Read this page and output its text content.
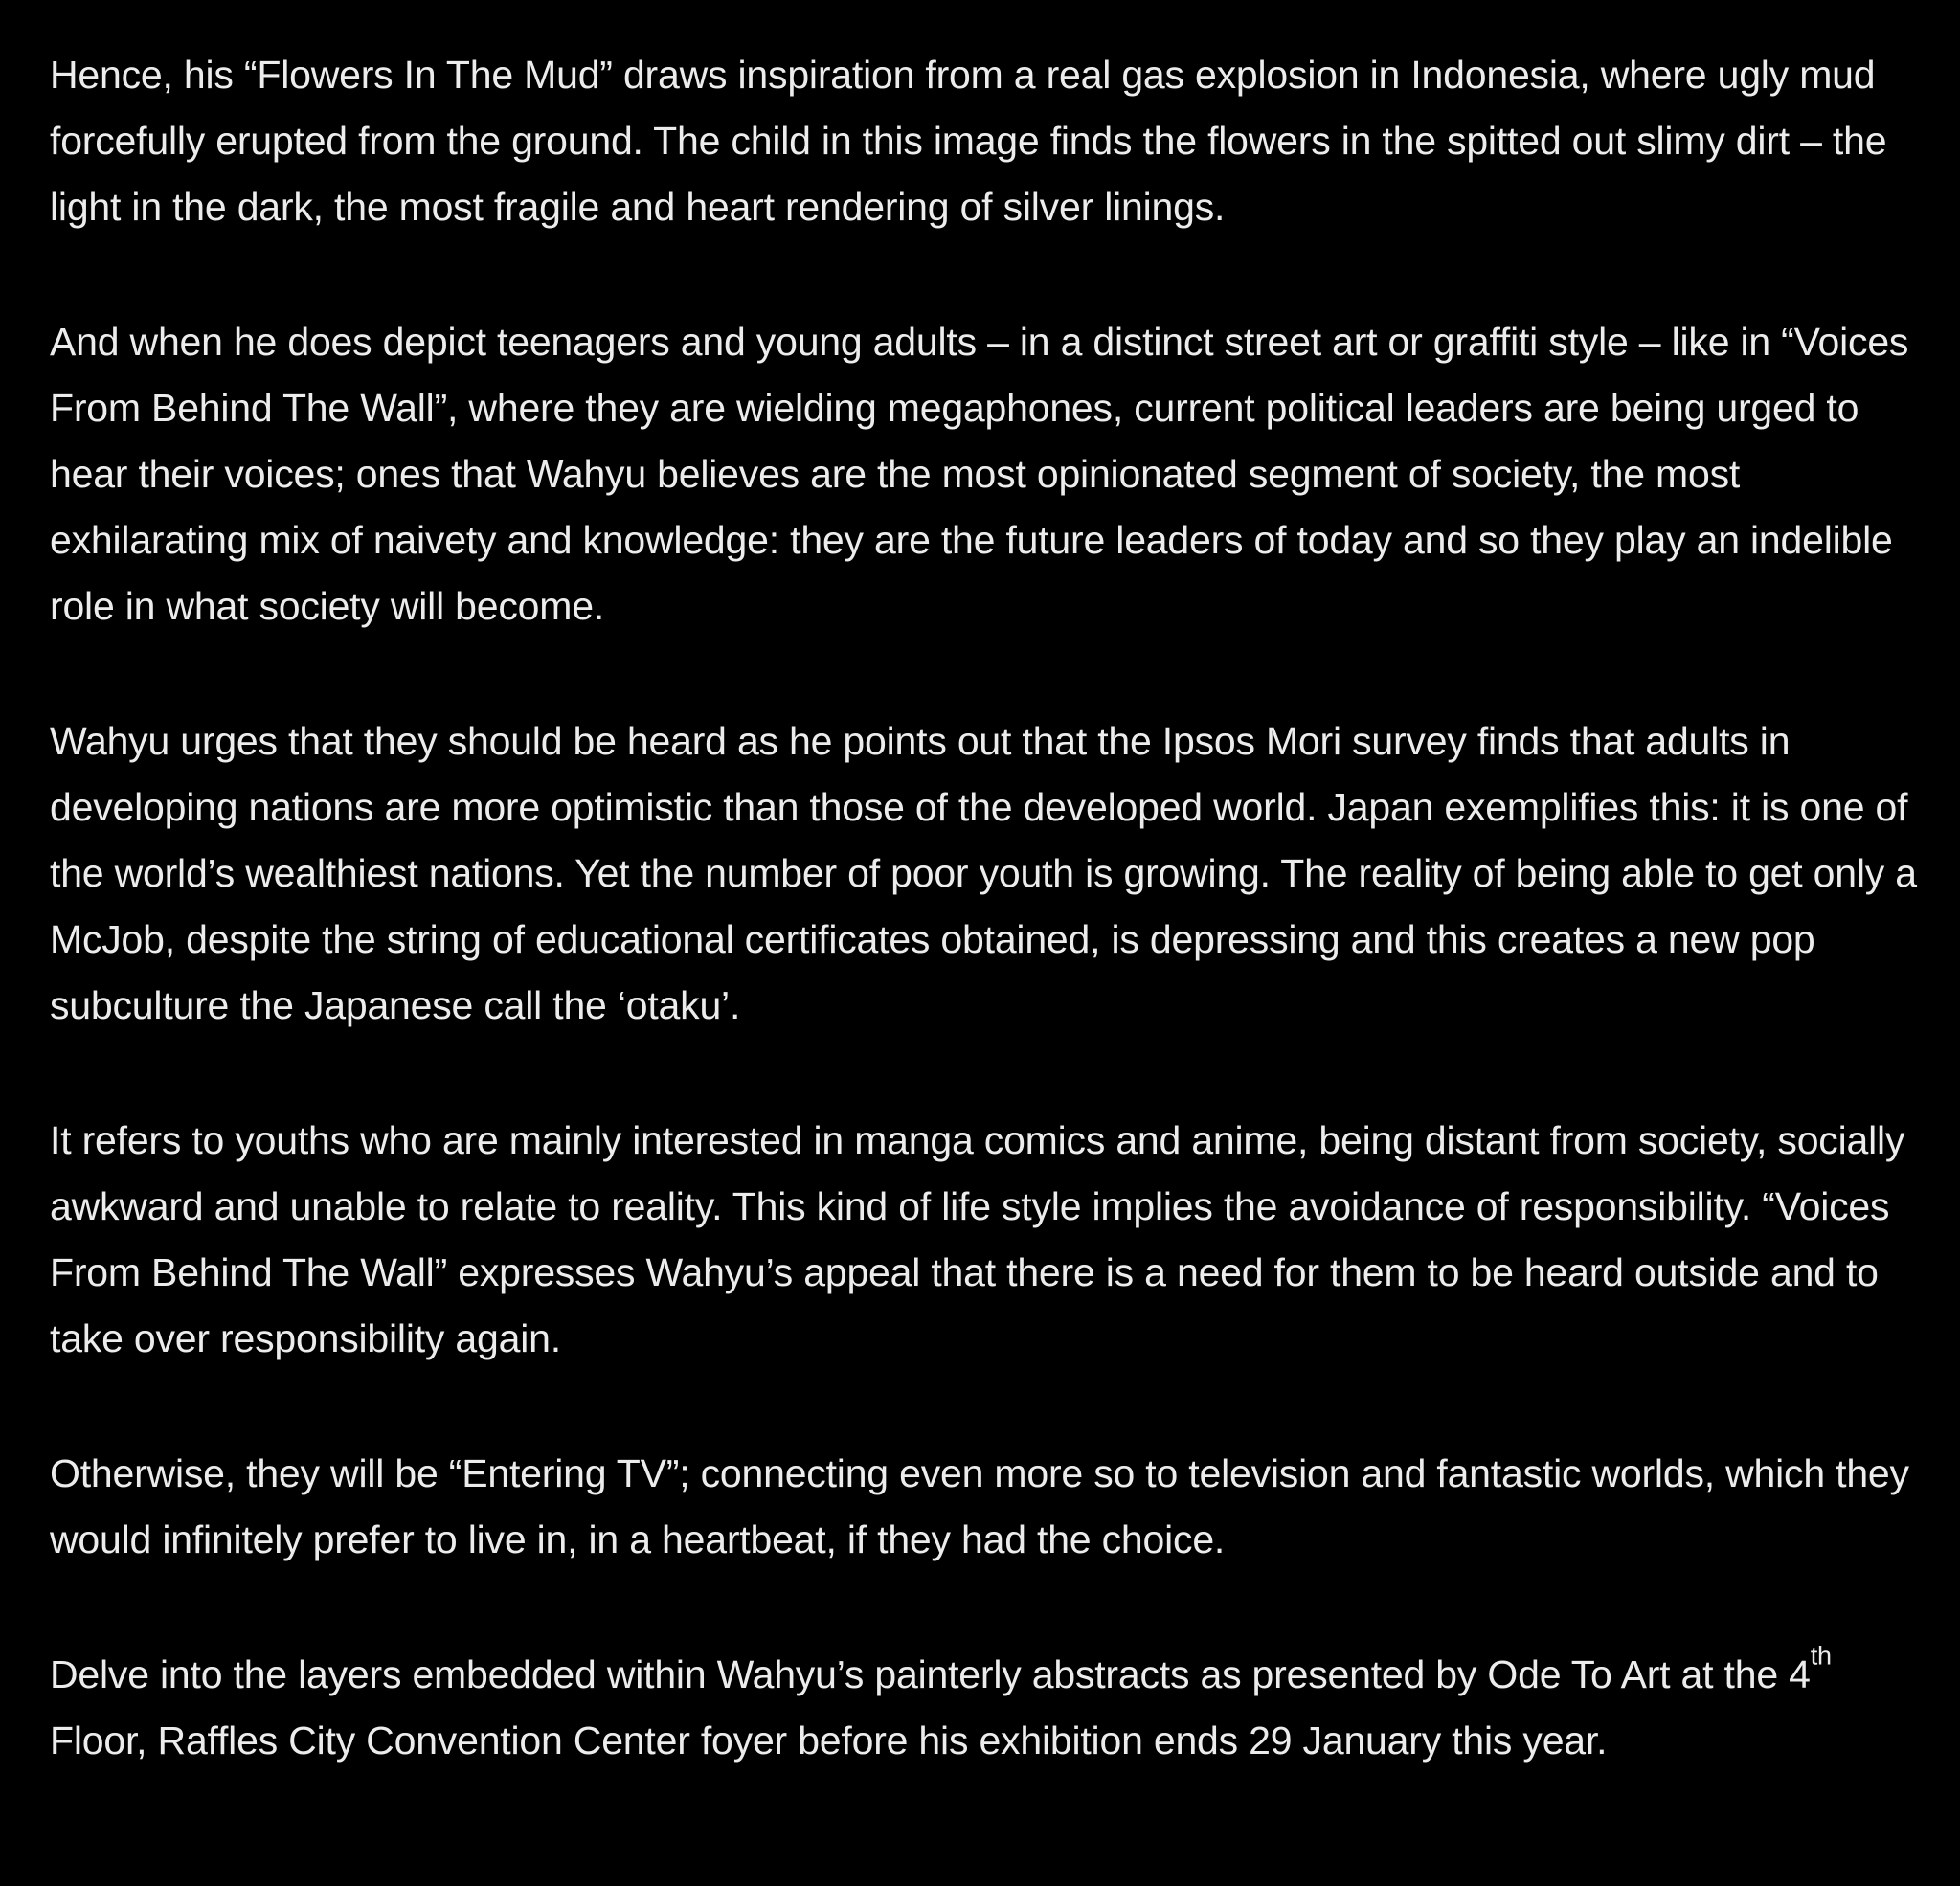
Hence, his “Flowers In The Mud” draws inspiration from a real gas explosion in Indonesia, where ugly mud forcefully erupted from the ground. The child in this image finds the flowers in the spitted out slimy dirt – the light in the dark, the most fragile and heart rendering of silver linings.

And when he does depict teenagers and young adults – in a distinct street art or graffiti style – like in “Voices From Behind The Wall”, where they are wielding megaphones, current political leaders are being urged to hear their voices; ones that Wahyu believes are the most opinionated segment of society, the most exhilarating mix of naivety and knowledge: they are the future leaders of today and so they play an indelible role in what society will become.

Wahyu urges that they should be heard as he points out that the Ipsos Mori survey finds that adults in developing nations are more optimistic than those of the developed world. Japan exemplifies this: it is one of the world’s wealthiest nations. Yet the number of poor youth is growing. The reality of being able to get only a McJob, despite the string of educational certificates obtained, is depressing and this creates a new pop subculture the Japanese call the ‘otaku’.

It refers to youths who are mainly interested in manga comics and anime, being distant from society, socially awkward and unable to relate to reality. This kind of life style implies the avoidance of responsibility. “Voices From Behind The Wall” expresses Wahyu’s appeal that there is a need for them to be heard outside and to take over responsibility again.

Otherwise, they will be “Entering TV”; connecting even more so to television and fantastic worlds, which they would infinitely prefer to live in, in a heartbeat, if they had the choice.

Delve into the layers embedded within Wahyu’s painterly abstracts as presented by Ode To Art at the 4th Floor, Raffles City Convention Center foyer before his exhibition ends 29 January this year.
